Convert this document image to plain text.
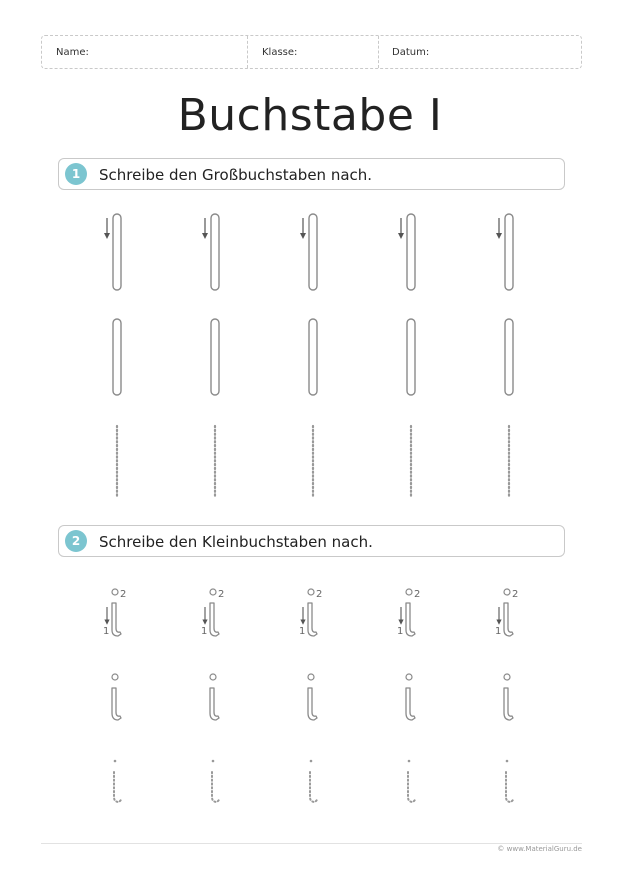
Name:	Klasse:	Datum:
Buchstabe I
1	Schreibe den Großbuchstaben nach.
2	Schreibe den Kleinbuchstaben nach.
2
1
2
1
2
1
2
1
2
1
© www.MaterialGuru.de
